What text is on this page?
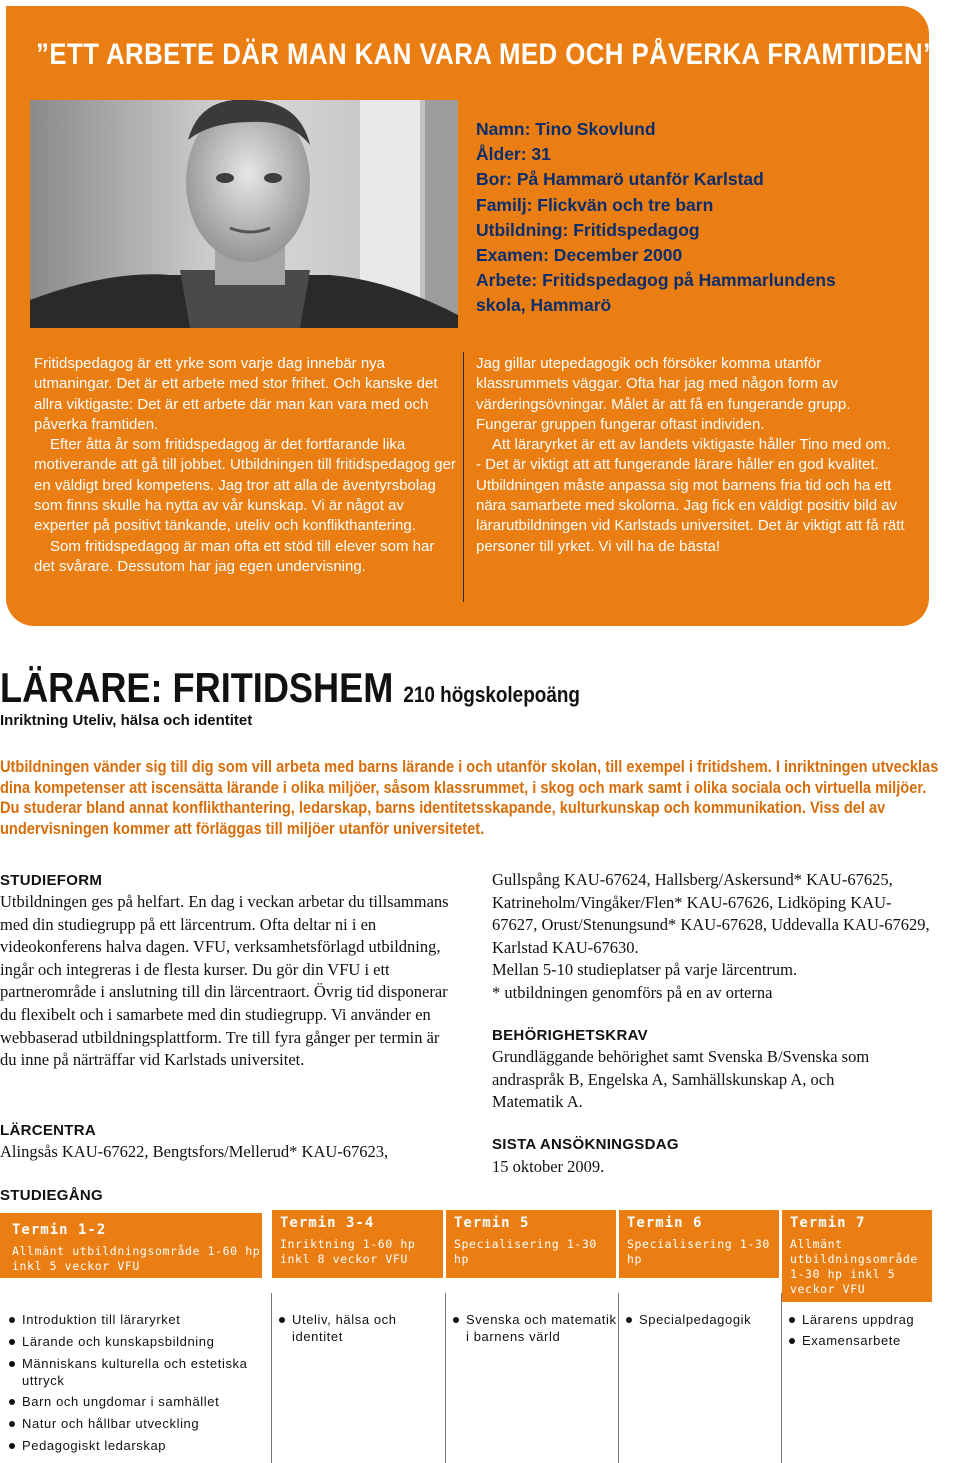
”ETT ARBETE DÄR MAN KAN VARA MED OCH PÅVERKA FRAMTIDEN”
Namn: Tino Skovlund
Ålder: 31
Bor: På Hammarö utanför Karlstad
Familj: Flickvän och tre barn
Utbildning: Fritidspedagog
Examen: December 2000
Arbete: Fritidspedagog på Hammarlundens
skola, Hammarö

Fritidspedagog är ett yrke som varje dag innebär nya utmaningar. Det är ett arbete med stor frihet. Och kanske det allra viktigaste: Det är ett arbete där man kan vara med och påverka framtiden.

Efter åtta år som fritidspedagog är det fortfarande lika motiverande att gå till jobbet. Utbildningen till fritidspedagog ger en väldigt bred kompetens. Jag tror att alla de äventyrsbolag som finns skulle ha nytta av vår kunskap. Vi är något av experter på positivt tänkande, uteliv och konflikthantering.

Som fritidspedagog är man ofta ett stöd till elever som har det svårare. Dessutom har jag egen undervisning.

Jag gillar utepedagogik och försöker komma utanför klassrummets väggar. Ofta har jag med någon form av värderingsövningar. Målet är att få en fungerande grupp. Fungerar gruppen fungerar oftast individen.

Att läraryrket är ett av landets viktigaste håller Tino med om.

- Det är viktigt att att fungerande lärare håller en god kvalitet. Utbildningen måste anpassa sig mot barnens fria tid och ha ett nära samarbete med skolorna. Jag fick en väldigt positiv bild av lärarutbildningen vid Karlstads universitet. Det är viktigt att få rätt personer till yrket. Vi vill ha de bästa!

LÄRARE: FRITIDSHEM 210 högskolepoäng
Inriktning Uteliv, hälsa och identitet
Utbildningen vänder sig till dig som vill arbeta med barns lärande i och utanför skolan, till exempel i fritidshem. I inriktningen utvecklas dina kompetenser att iscensätta lärande i olika miljöer, såsom klassrummet, i skog och mark samt i olika sociala och virtuella miljöer. Du studerar bland annat konflikthantering, ledarskap, barns identitetsskapande, kulturkunskap och kommunikation. Viss del av undervisningen kommer att förläggas till miljöer utanför universitetet.
STUDIEFORM

Utbildningen ges på helfart. En dag i veckan arbetar du tillsammans med din studiegrupp på ett lärcentrum. Ofta deltar ni i en videokonferens halva dagen. VFU, verksamhetsförlagd utbildning, ingår och integreras i de flesta kurser. Du gör din VFU i ett partnerområde i anslutning till din lärcentraort. Övrig tid disponerar du flexibelt och i samarbete med din studiegrupp. Vi använder en webbaserad utbildningsplattform. Tre till fyra gånger per termin är du inne på närträffar vid Karlstads universitet.

LÄRCENTRA
Alingsås KAU-67622, Bengtsfors/Mellerud* KAU-67623,
STUDIEGÅNG

Gullspång KAU-67624, Hallsberg/Askersund* KAU-67625, Katrineholm/Vingåker/Flen* KAU-67626, Lidköping KAU-67627, Orust/Stenungsund* KAU-67628, Uddevalla KAU-67629, Karlstad KAU-67630.

Mellan 5-10 studieplatser på varje lärcentrum.

* utbildningen genomförs på en av orterna

BEHÖRIGHETSKRAV
Grundläggande behörighet samt Svenska B/Svenska som andraspråk B, Engelska A, Samhällskunskap A, och Matematik A.
SISTA ANSÖKNINGSDAG
15 oktober 2009.
Termin 1-2
Allmänt utbildningsområde 1-60 hp inkl 5 veckor VFU
Termin 3-4
Inriktning 1-60 hp inkl 8 veckor VFU
Termin 5
Specialisering 1-30 hp
Termin 6
Specialisering 1-30 hp
Termin 7
Allmänt utbildningsområde 1-30 hp inkl 5 veckor VFU
Introduktion till läraryrket
Lärande och kunskapsbildning
Människans kulturella och estetiska uttryck
Barn och ungdomar i samhället
Natur och hållbar utveckling
Pedagogiskt ledarskap
Uteliv, hälsa och identitet
Svenska och matematik i barnens värld
Specialpedagogik	Lärarens uppdrag
Examensarbete
